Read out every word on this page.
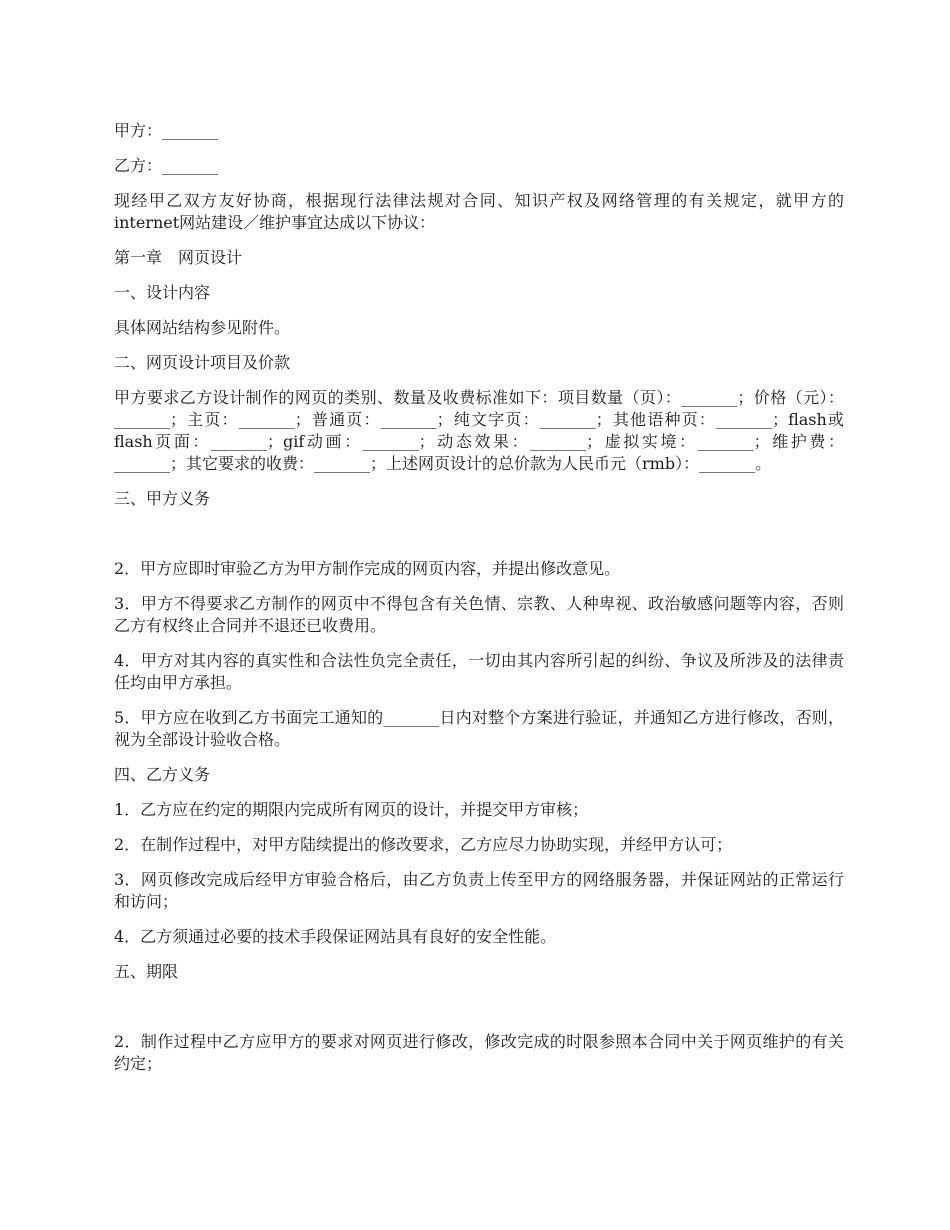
甲方：_______

乙方：_______

现经甲乙双方友好协商，根据现行法律法规对合同、知识产权及网络管理的有关规定，就甲方的internet网站建设／维护事宜达成以下协议：

第一章　网页设计

一、设计内容

具体网站结构参见附件。

二、网页设计项目及价款

甲方要求乙方设计制作的网页的类别、数量及收费标准如下：项目数量（页）：_______；价格（元）：_______；主页：_______；普通页：_______；纯文字页：_______；其他语种页：_______；flash或flash页面：_______；gif动画：_______；动态效果：_______；虚拟实境：_______；维护费：_______；其它要求的收费：_______；上述网页设计的总价款为人民币元（rmb）：_______。

三、甲方义务

2．甲方应即时审验乙方为甲方制作完成的网页内容，并提出修改意见。

3．甲方不得要求乙方制作的网页中不得包含有关色情、宗教、人种卑视、政治敏感问题等内容，否则乙方有权终止合同并不退还已收费用。

4．甲方对其内容的真实性和合法性负完全责任，一切由其内容所引起的纠纷、争议及所涉及的法律责任均由甲方承担。

5．甲方应在收到乙方书面完工通知的_______日内对整个方案进行验证，并通知乙方进行修改，否则，视为全部设计验收合格。

四、乙方义务

1．乙方应在约定的期限内完成所有网页的设计，并提交甲方审核；

2．在制作过程中，对甲方陆续提出的修改要求，乙方应尽力协助实现，并经甲方认可；

3．网页修改完成后经甲方审验合格后，由乙方负责上传至甲方的网络服务器，并保证网站的正常运行和访问；

4．乙方须通过必要的技术手段保证网站具有良好的安全性能。

五、期限

2．制作过程中乙方应甲方的要求对网页进行修改，修改完成的时限参照本合同中关于网页维护的有关约定；
